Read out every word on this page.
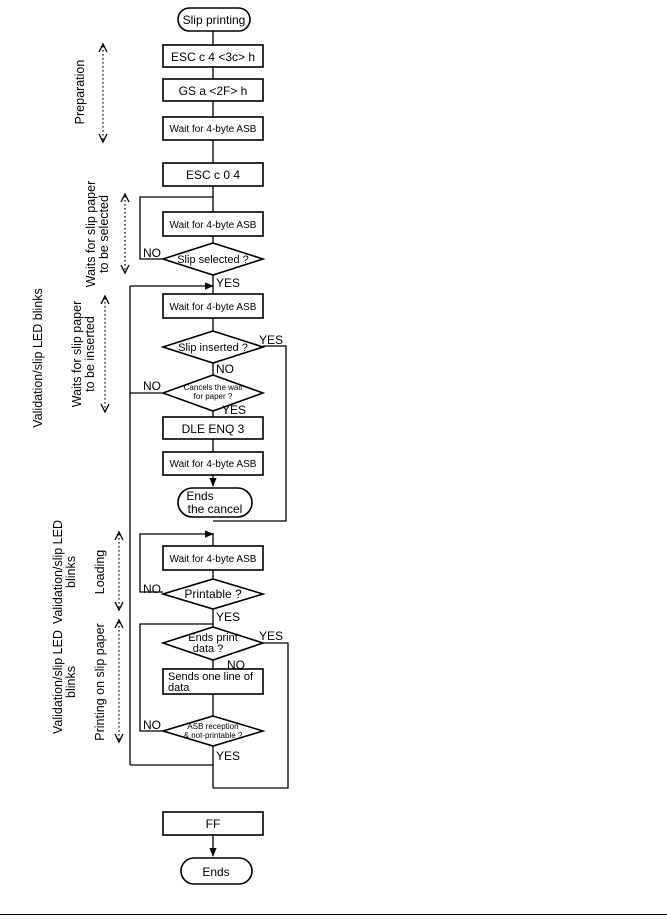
Preparation
Waits for slip paper to be selected
Waits for slip paper to be inserted
Validation/slip LED blinks
Loading
Validation/slip LED blinks
Printing on slip paper
Validation/slip LED blinks
Slip printing
ESC c 4 <3c> h
GS a <2F> h
Wait for 4-byte ASB
ESC c 0 4
Wait for 4-byte ASB
Wait for 4-byte ASB
DLE ENQ 3
Wait for 4-byte ASB
Wait for 4-byte ASB
Sends one line of
data
FF
Slip selected ?
Slip inserted ?
Cancels the wait
for paper ?
Printable ?
Ends print
data ?
ASB reception
& not-printable ?
Ends
the cancel
Ends
NO
YES
YES
NO
NO
YES
NO
YES
YES
NO
NO
YES
